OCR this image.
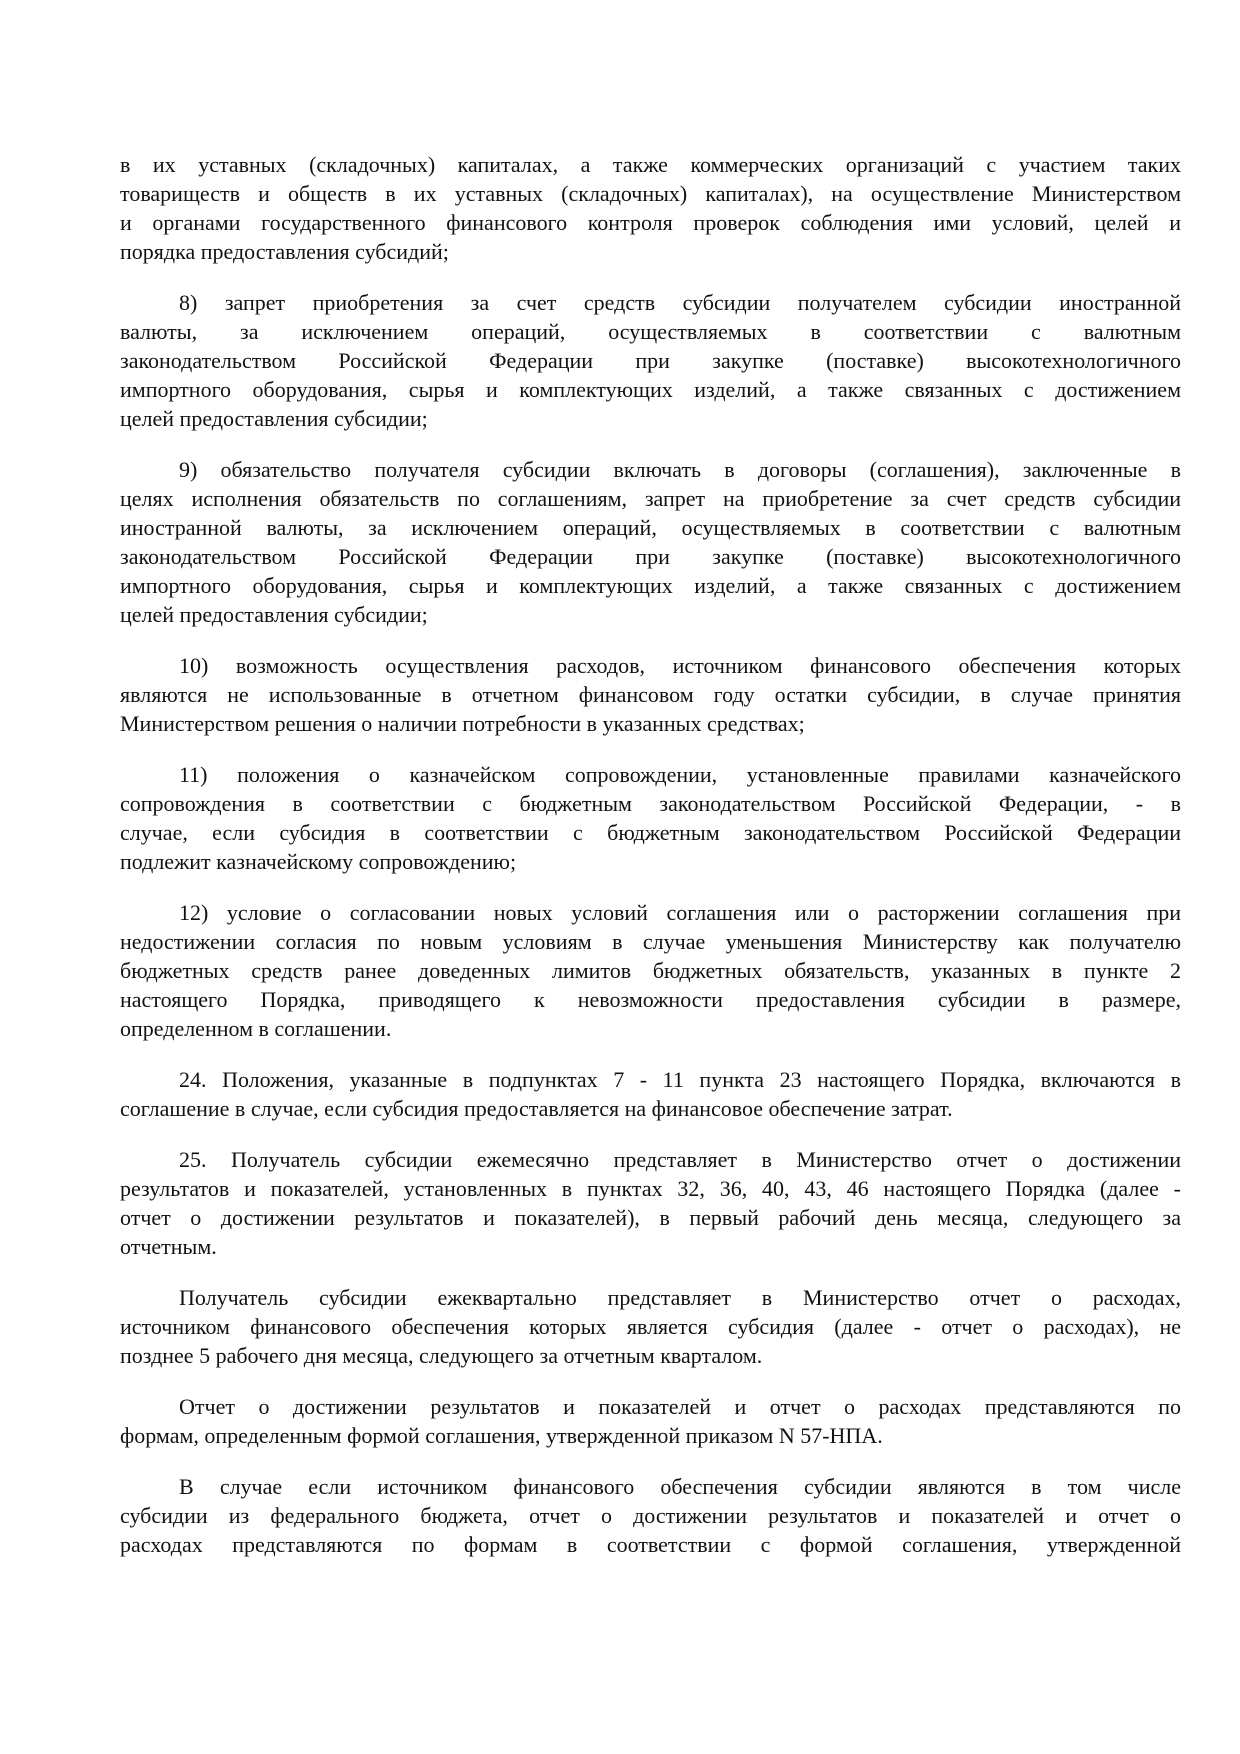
в их уставных (складочных) капиталах, а также коммерческих организаций с участием таких
товариществ и обществ в их уставных (складочных) капиталах), на осуществление Министерством
и органами государственного финансового контроля проверок соблюдения ими условий, целей и
порядка предоставления субсидий;
8) запрет приобретения за счет средств субсидии получателем субсидии иностранной
валюты, за исключением операций, осуществляемых в соответствии с валютным
законодательством Российской Федерации при закупке (поставке) высокотехнологичного
импортного оборудования, сырья и комплектующих изделий, а также связанных с достижением
целей предоставления субсидии;
9) обязательство получателя субсидии включать в договоры (соглашения), заключенные в
целях исполнения обязательств по соглашениям, запрет на приобретение за счет средств субсидии
иностранной валюты, за исключением операций, осуществляемых в соответствии с валютным
законодательством Российской Федерации при закупке (поставке) высокотехнологичного
импортного оборудования, сырья и комплектующих изделий, а также связанных с достижением
целей предоставления субсидии;
10) возможность осуществления расходов, источником финансового обеспечения которых
являются не использованные в отчетном финансовом году остатки субсидии, в случае принятия
Министерством решения о наличии потребности в указанных средствах;
11) положения о казначейском сопровождении, установленные правилами казначейского
сопровождения в соответствии с бюджетным законодательством Российской Федерации, - в
случае, если субсидия в соответствии с бюджетным законодательством Российской Федерации
подлежит казначейскому сопровождению;
12) условие о согласовании новых условий соглашения или о расторжении соглашения при
недостижении согласия по новым условиям в случае уменьшения Министерству как получателю
бюджетных средств ранее доведенных лимитов бюджетных обязательств, указанных в пункте 2
настоящего Порядка, приводящего к невозможности предоставления субсидии в размере,
определенном в соглашении.
24. Положения, указанные в подпунктах 7 - 11 пункта 23 настоящего Порядка, включаются в
соглашение в случае, если субсидия предоставляется на финансовое обеспечение затрат.
25. Получатель субсидии ежемесячно представляет в Министерство отчет о достижении
результатов и показателей, установленных в пунктах 32, 36, 40, 43, 46 настоящего Порядка (далее -
отчет о достижении результатов и показателей), в первый рабочий день месяца, следующего за
отчетным.
Получатель субсидии ежеквартально представляет в Министерство отчет о расходах,
источником финансового обеспечения которых является субсидия (далее - отчет о расходах), не
позднее 5 рабочего дня месяца, следующего за отчетным кварталом.
Отчет о достижении результатов и показателей и отчет о расходах представляются по
формам, определенным формой соглашения, утвержденной приказом N 57-НПА.
В случае если источником финансового обеспечения субсидии являются в том числе
субсидии из федерального бюджета, отчет о достижении результатов и показателей и отчет о
расходах представляются по формам в соответствии с формой соглашения, утвержденной
